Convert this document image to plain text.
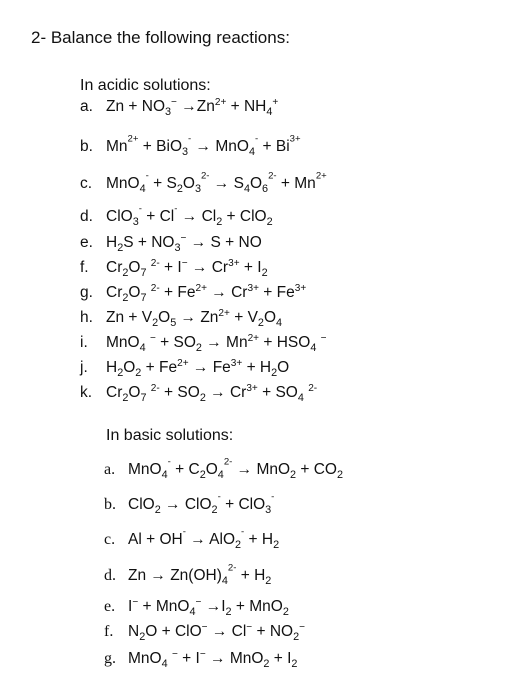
2- Balance the following reactions:
In acidic solutions:
a. $Zn + NO_3^- \to Zn^{2+} + NH_4^+$
b. $Mn^{2+} + BiO_3^- \to MnO_4^- + Bi^{3+}$
c. $MnO_4^- + S_2O_3^{2-} \to S_4O_6^{2-} + Mn^{2+}$
d. $ClO_3^- + Cl^- \to Cl_2 + ClO_2$
e. $H_2S + NO_3^- \to S$ + NO
f. $Cr_2O_7$ $^{2-} + I^- \to Cr^{3+} + I_2$
g. $Cr_2O_7$ $^{2-} + Fe^{2+} \to Cr^{3+} + Fe^{3+}$
h. $Zn + V_2O_5 \to Zn^{2+} + V_2O_4$
i. MnO$_4$ $^- + SO_2 \to Mn^{2+} + HSO_4$ −
j. $H_2O_2 + Fe^{2+} \to Fe^{3+} + H_2O$
k. $Cr_2O_7$ $^{2-} + SO_2 \to Cr^{3+} + SO_4$ $^{2-}$
In basic solutions:
a. $MnO_4^- + C_2O_4^{2-} \to MnO_2 + CO_2$
b. ClO$_2$ → ClO$_2$- + ClO$_3$-
c. $Al + OH^- \to AlO_2^- + H_2$
d. $Zn \to Zn(OH)_4^{2-} + H_2$
e. $I^- + MnO_4^- \to I_2 + MnO_2$
f. $N_2O + ClO^- \to Cl^- + NO_2^-$
g. MnO$_4$ $^- + I^- \to MnO_2 + I_2$
